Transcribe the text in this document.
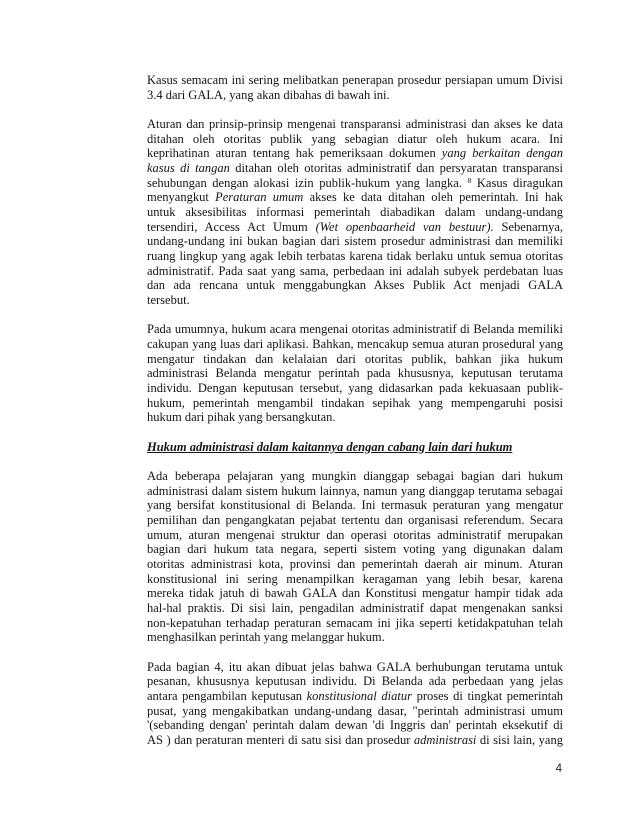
Kasus semacam ini sering melibatkan penerapan prosedur persiapan umum Divisi
3.4 dari GALA, yang akan dibahas di bawah ini.
Aturan dan prinsip-prinsip mengenai transparansi administrasi dan akses ke data
ditahan oleh otoritas publik yang sebagian diatur oleh hukum acara. Ini
keprihatinan aturan tentang hak pemeriksaan dokumen yang berkaitan dengan
kasus di tangan ditahan oleh otoritas administratif dan persyaratan transparansi
sehubungan dengan alokasi izin publik-hukum yang langka. $^8$ Kasus diragukan
menyangkut Peraturan umum akses ke data ditahan oleh pemerintah. Ini hak
untuk aksesibilitas informasi pemerintah diabadikan dalam undang-undang
tersendiri, Access Act Umum (Wet openbaarheid van bestuur). Sebenarnya,
undang-undang ini bukan bagian dari sistem prosedur administrasi dan memiliki
ruang lingkup yang agak lebih terbatas karena tidak berlaku untuk semua otoritas
administratif. Pada saat yang sama, perbedaan ini adalah subyek perdebatan luas
dan ada rencana untuk menggabungkan Akses Publik Act menjadi GALA
tersebut.
Pada umumnya, hukum acara mengenai otoritas administratif di Belanda memiliki
cakupan yang luas dari aplikasi. Bahkan, mencakup semua aturan prosedural yang
mengatur tindakan dan kelalaian dari otoritas publik, bahkan jika hukum
administrasi Belanda mengatur perintah pada khususnya, keputusan terutama
individu. Dengan keputusan tersebut, yang didasarkan pada kekuasaan publik-
hukum, pemerintah mengambil tindakan sepihak yang mempengaruhi posisi
hukum dari pihak yang bersangkutan.
Hukum administrasi dalam kaitannya dengan cabang lain dari hukum
Ada beberapa pelajaran yang mungkin dianggap sebagai bagian dari hukum
administrasi dalam sistem hukum lainnya, namun yang dianggap terutama sebagai
yang bersifat konstitusional di Belanda. Ini termasuk peraturan yang mengatur
pemilihan dan pengangkatan pejabat tertentu dan organisasi referendum. Secara
umum, aturan mengenai struktur dan operasi otoritas administratif merupakan
bagian dari hukum tata negara, seperti sistem voting yang digunakan dalam
otoritas administrasi kota, provinsi dan pemerintah daerah air minum. Aturan
konstitusional ini sering menampilkan keragaman yang lebih besar, karena
mereka tidak jatuh di bawah GALA dan Konstitusi mengatur hampir tidak ada
hal-hal praktis. Di sisi lain, pengadilan administratif dapat mengenakan sanksi
non-kepatuhan terhadap peraturan semacam ini jika seperti ketidakpatuhan telah
menghasilkan perintah yang melanggar hukum.
Pada bagian 4, itu akan dibuat jelas bahwa GALA berhubungan terutama untuk
pesanan, khususnya keputusan individu. Di Belanda ada perbedaan yang jelas
antara pengambilan keputusan konstitusional diatur proses di tingkat pemerintah
pusat, yang mengakibatkan undang-undang dasar, "perintah administrasi umum
'(sebanding dengan' perintah dalam dewan 'di Inggris dan' perintah eksekutif di
AS ) dan peraturan menteri di satu sisi dan prosedur administrasi di sisi lain, yang
4
